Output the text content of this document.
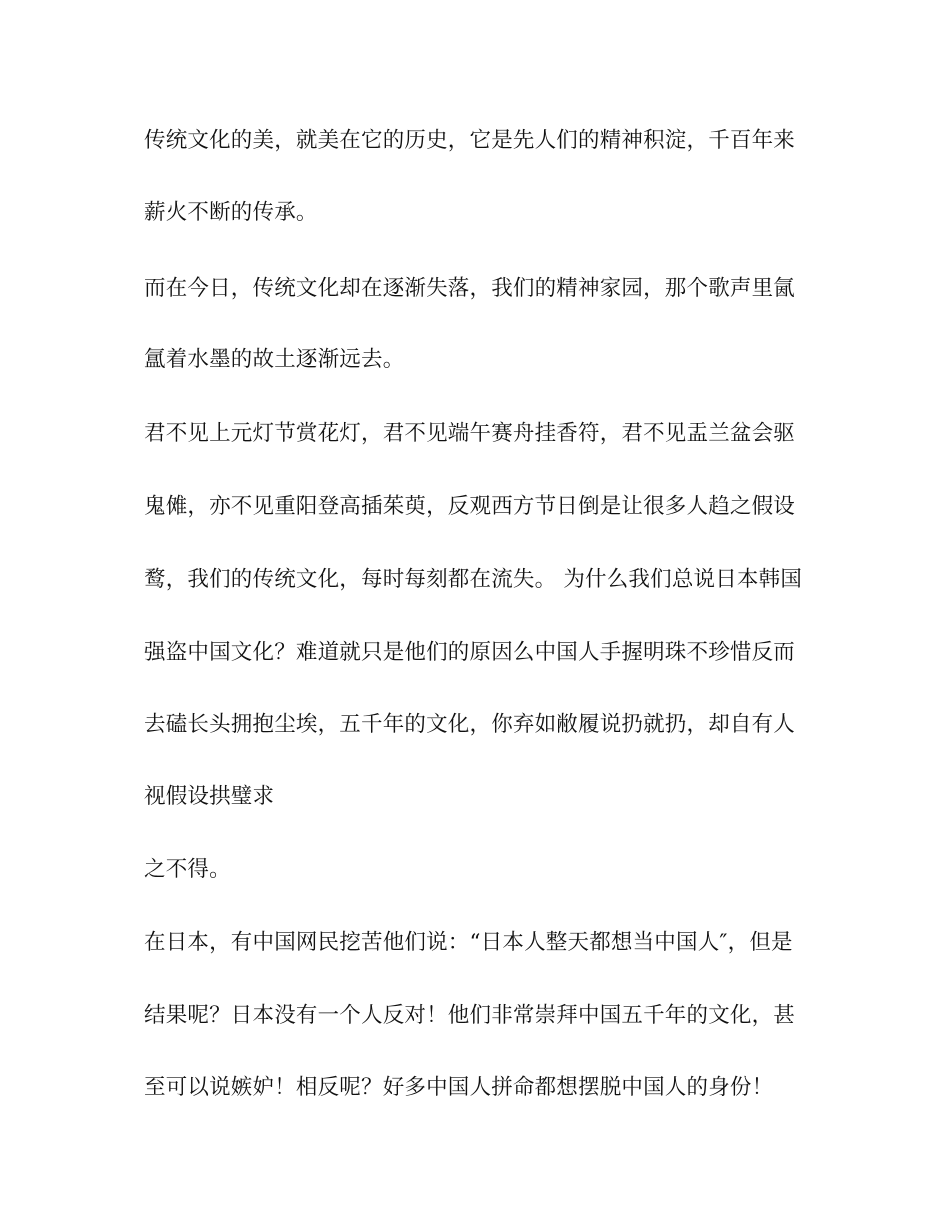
传统文化的美，就美在它的历史，它是先人们的精神积淀，千百年来
薪火不断的传承。
而在今日，传统文化却在逐渐失落，我们的精神家园，那个歌声里氤
氲着水墨的故土逐渐远去。
君不见上元灯节赏花灯，君不见端午赛舟挂香符，君不见盂兰盆会驱
鬼傩，亦不见重阳登高插茱萸，反观西方节日倒是让很多人趋之假设
鹜，我们的传统文化，每时每刻都在流失。 为什么我们总说日本韩国
强盗中国文化？难道就只是他们的原因么中国人手握明珠不珍惜反而
去磕长头拥抱尘埃，五千年的文化，你弃如敝履说扔就扔，却自有人
视假设拱璧求
之不得。
在日本，有中国网民挖苦他们说：“日本人整天都想当中国人″，但是
结果呢？日本没有一个人反对！他们非常崇拜中国五千年的文化，甚
至可以说嫉妒！相反呢？好多中国人拼命都想摆脱中国人的身份！
